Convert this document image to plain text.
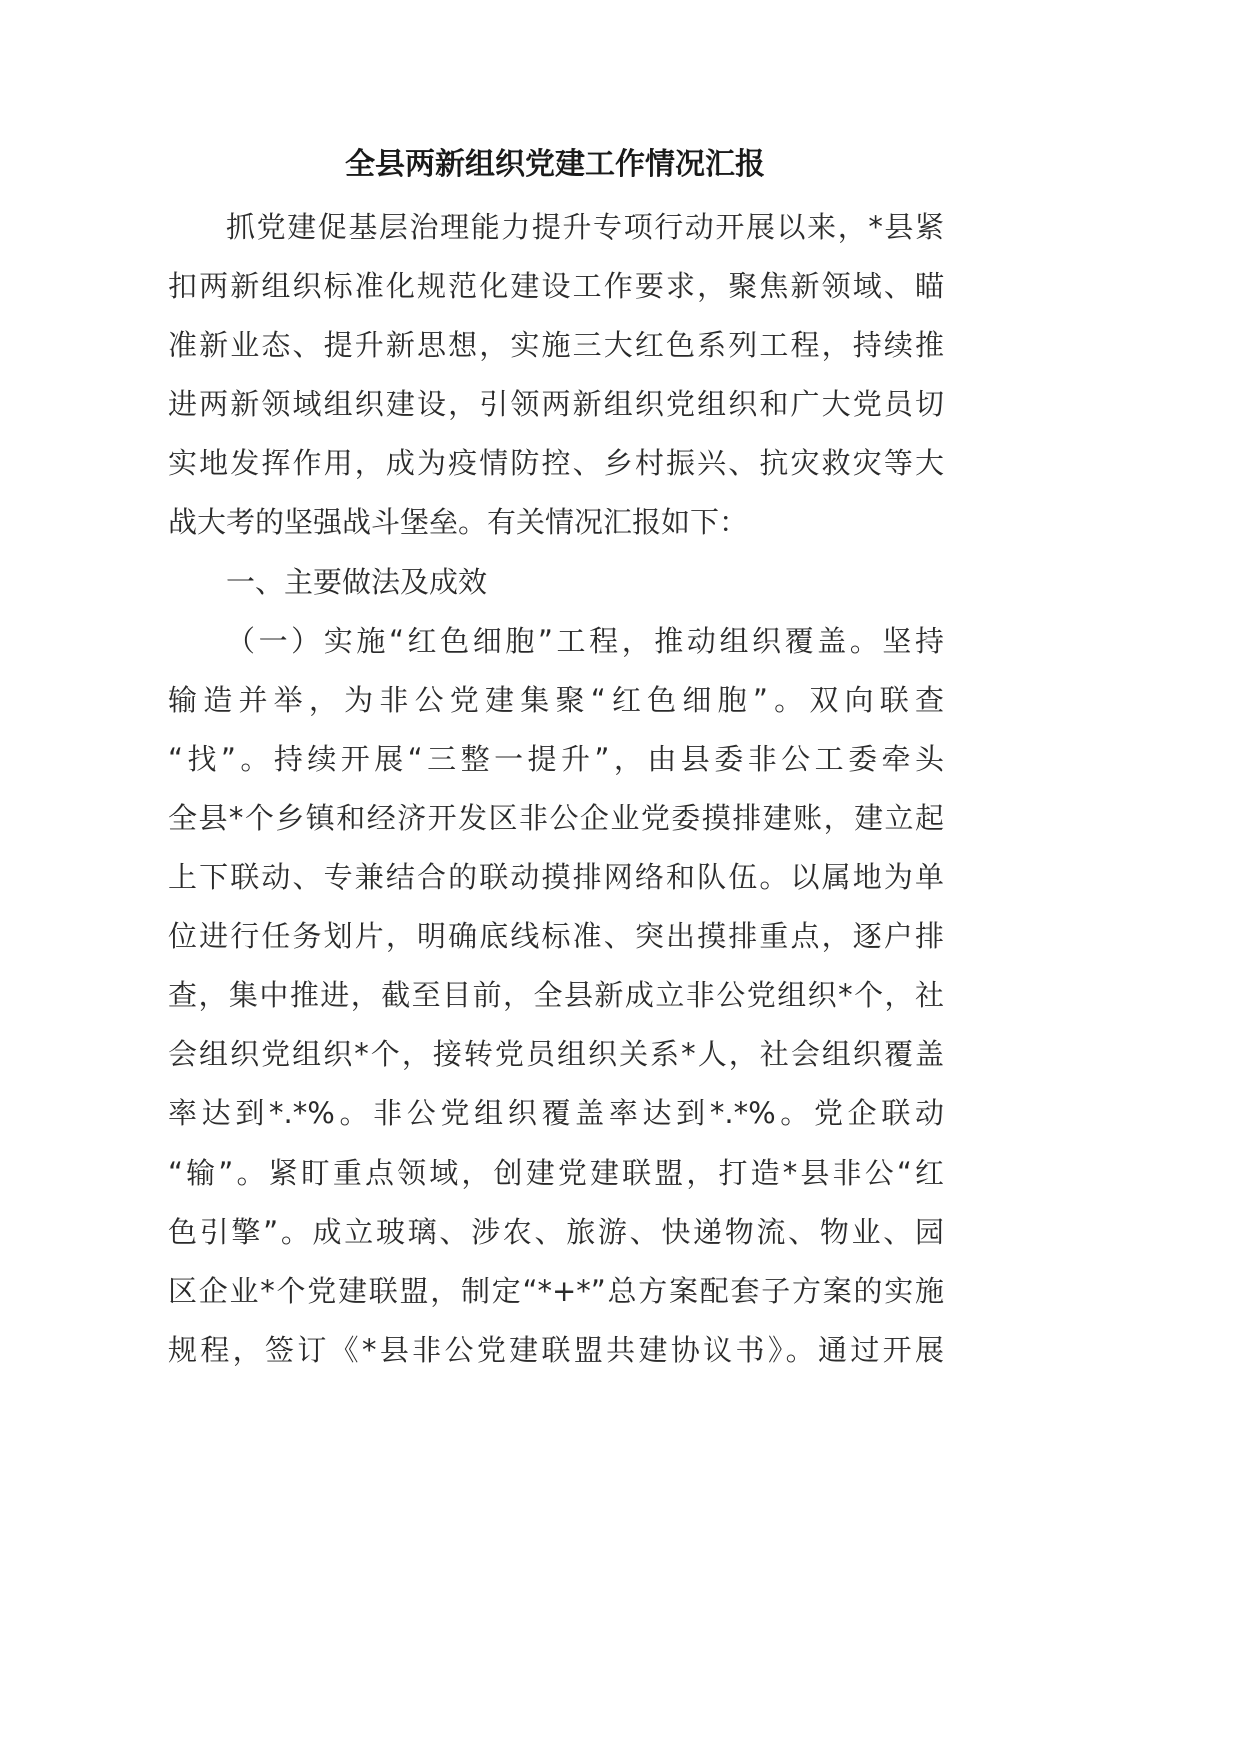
全县两新组织党建工作情况汇报
抓党建促基层治理能力提升专项行动开展以来，*县紧
扣两新组织标准化规范化建设工作要求，聚焦新领域、瞄
准新业态、提升新思想，实施三大红色系列工程，持续推
进两新领域组织建设，引领两新组织党组织和广大党员切
实地发挥作用，成为疫情防控、乡村振兴、抗灾救灾等大
战大考的坚强战斗堡垒。有关情况汇报如下：
一、主要做法及成效
（一）实施“红色细胞”工程，推动组织覆盖。坚持
输造并举，为非公党建集聚“红色细胞”。双向联查
“找”。持续开展“三整一提升”，由县委非公工委牵头
全县*个乡镇和经济开发区非公企业党委摸排建账，建立起
上下联动、专兼结合的联动摸排网络和队伍。以属地为单
位进行任务划片，明确底线标准、突出摸排重点，逐户排
查，集中推进，截至目前，全县新成立非公党组织*个，社
会组织党组织*个，接转党员组织关系*人，社会组织覆盖
率达到*.*%。非公党组织覆盖率达到*.*%。党企联动
“输”。紧盯重点领域，创建党建联盟，打造*县非公“红
色引擎”。成立玻璃、涉农、旅游、快递物流、物业、园
区企业*个党建联盟，制定“*+*”总方案配套子方案的实施
规程，签订《*县非公党建联盟共建协议书》。通过开展
